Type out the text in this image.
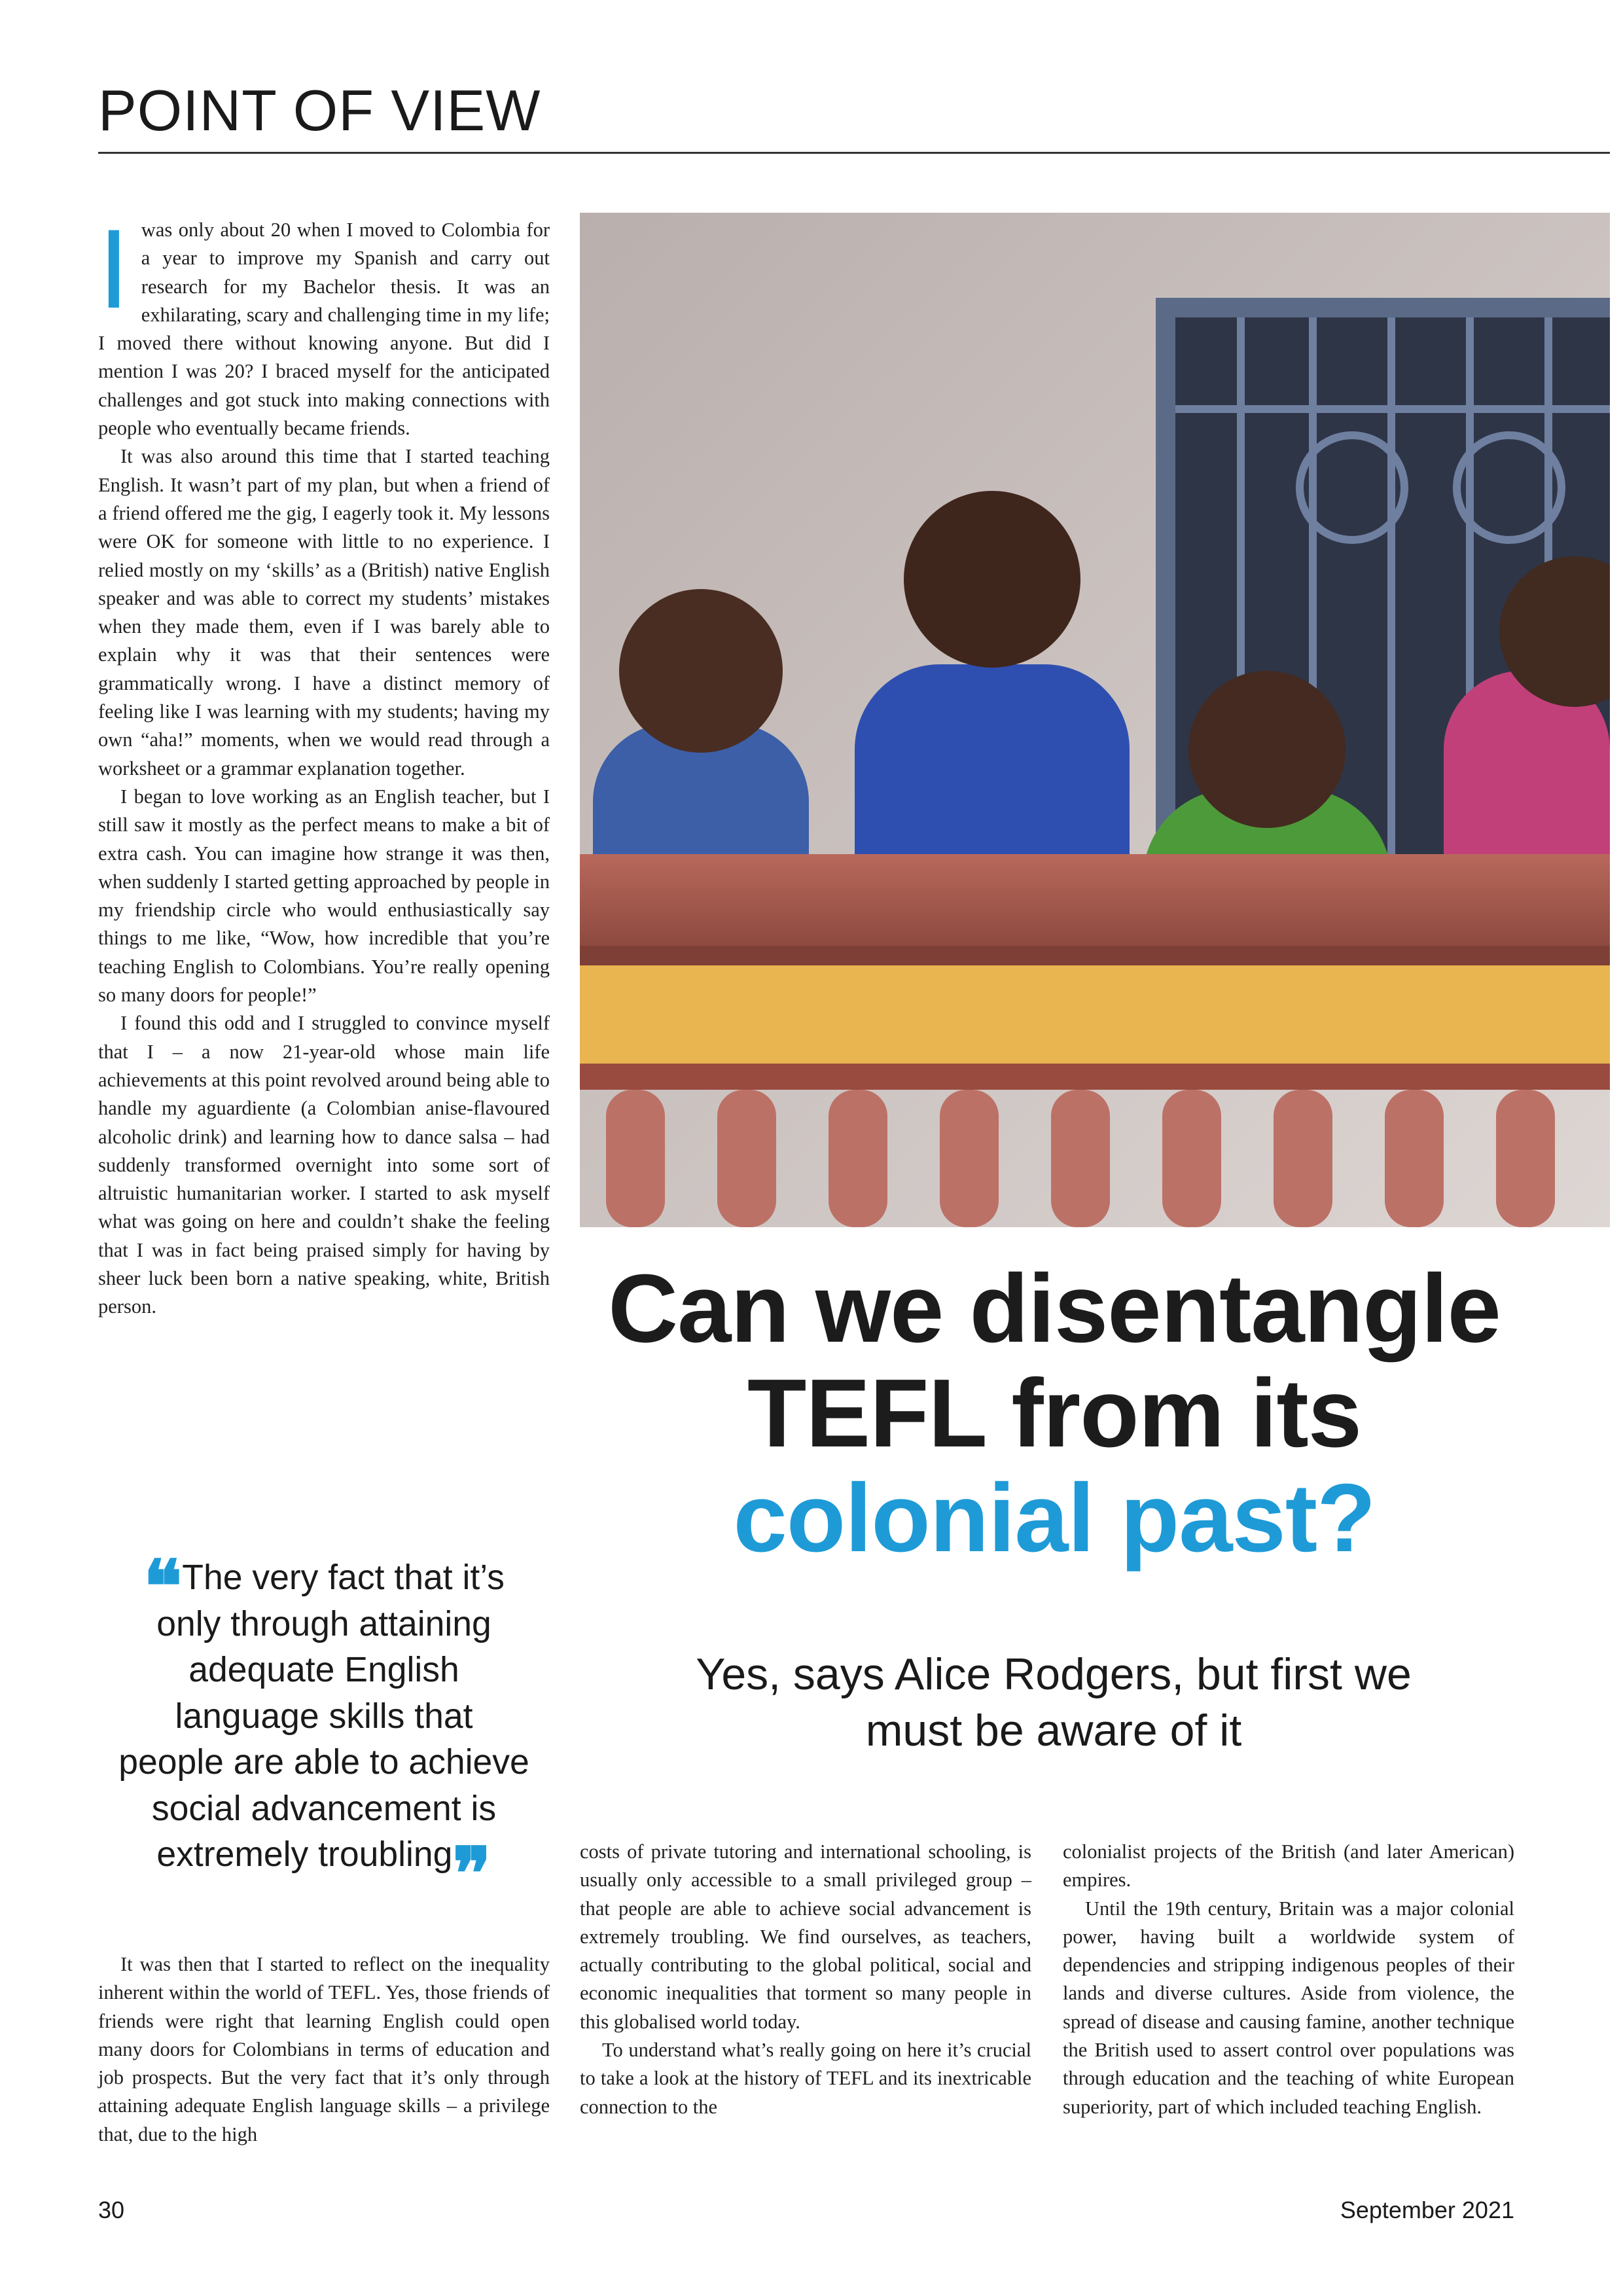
POINT OF VIEW

Iwas only about 20 when I moved to Colombia for a year to improve my Spanish and carry out research for my Bachelor thesis. It was an exhilarating, scary and challenging time in my life; I moved there without knowing anyone. But did I mention I was 20? I braced myself for the anticipated challenges and got stuck into making connections with people who eventually became friends.

It was also around this time that I started teaching English. It wasn’t part of my plan, but when a friend of a friend offered me the gig, I eagerly took it. My lessons were OK for someone with little to no experience. I relied mostly on my ‘skills’ as a (British) native English speaker and was able to correct my students’ mistakes when they made them, even if I was barely able to explain why it was that their sentences were grammatically wrong. I have a distinct memory of feeling like I was learning with my students; having my own “aha!” moments, when we would read through a worksheet or a grammar explanation together.

I began to love working as an English teacher, but I still saw it mostly as the perfect means to make a bit of extra cash. You can imagine how strange it was then, when suddenly I started getting approached by people in my friendship circle who would enthusiastically say things to me like, “Wow, how incredible that you’re teaching English to Colombians. You’re really opening so many doors for people!”

I found this odd and I struggled to convince myself that I – a now 21-year-old whose main life achievements at this point revolved around being able to handle my aguardiente (a Colombian anise-flavoured alcoholic drink) and learning how to dance salsa – had suddenly transformed overnight into some sort of altruistic humanitarian worker. I started to ask myself what was going on here and couldn’t shake the feeling that I was in fact being praised simply for having by sheer luck been born a native speaking, white, British person.

❝The very fact that it’s only through attaining adequate English language skills that people are able to achieve social advancement is extremely troubling❞

It was then that I started to reflect on the inequality inherent within the world of TEFL. Yes, those friends of friends were right that learning English could open many doors for Colombians in terms of education and job prospects. But the very fact that it’s only through attaining adequate English language skills – a privilege that, due to the high

Can we disentangle
TEFL from its
colonial past?
Yes, says Alice Rodgers, but first we
must be aware of it

costs of private tutoring and international schooling, is usually only accessible to a small privileged group – that people are able to achieve social advancement is extremely troubling. We find ourselves, as teachers, actually contributing to the global political, social and economic inequalities that torment so many people in this globalised world today.

To understand what’s really going on here it’s crucial to take a look at the history of TEFL and its inextricable connection to the

colonialist projects of the British (and later American) empires.

Until the 19th century, Britain was a major colonial power, having built a worldwide system of dependencies and stripping indigenous peoples of their lands and diverse cultures. Aside from violence, the spread of disease and causing famine, another technique the British used to assert control over populations was through education and the teaching of white European superiority, part of which included teaching English.

30	September 2021
